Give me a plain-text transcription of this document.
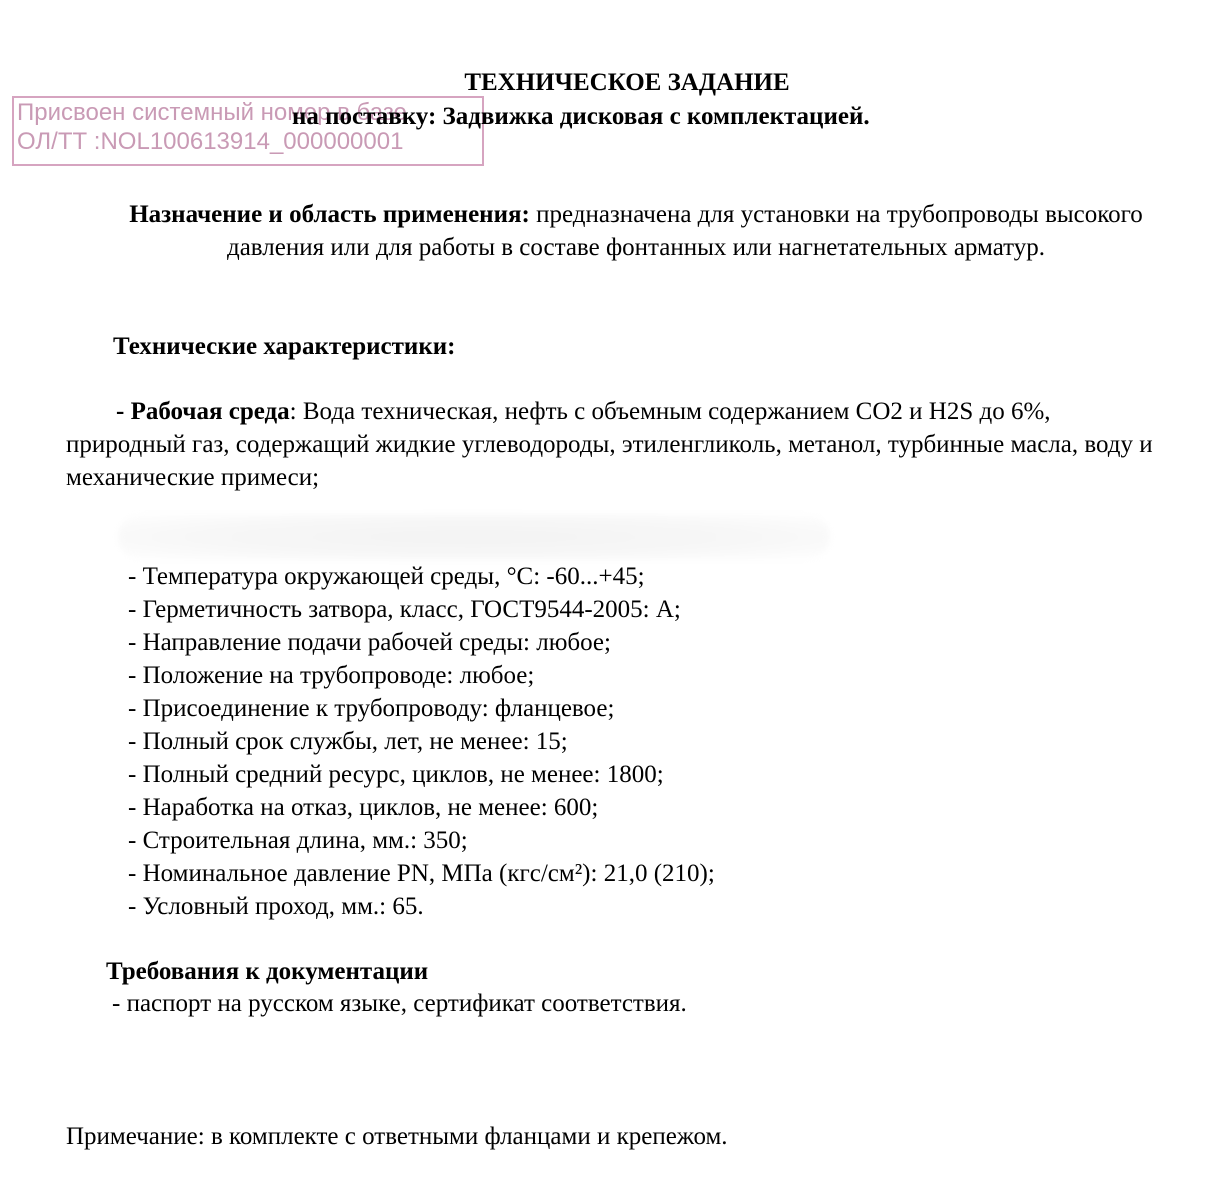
Присвоен системный номер в базе
ОЛ/ТТ :NOL100613914_000000001
ТЕХНИЧЕСКОЕ ЗАДАНИЕ
на поставку: Задвижка дисковая с комплектацией.
Назначение и область применения: предназначена для установки на трубопроводы высокого давления или для работы в составе фонтанных или нагнетательных арматур.
Технические характеристики:
- Рабочая среда: Вода техническая, нефть с объемным содержанием СО2 и Н2S до 6%, природный газ, содержащий жидкие углеводороды, этиленгликоль, метанол, турбинные масла, воду и механические примеси;
- Температура окружающей среды, °С: -60...+45;
- Герметичность затвора, класс, ГОСТ9544-2005: А;
- Направление подачи рабочей среды: любое;
- Положение на трубопроводе: любое;
- Присоединение к трубопроводу: фланцевое;
- Полный срок службы, лет, не менее: 15;
- Полный средний ресурс, циклов, не менее: 1800;
- Наработка на отказ, циклов, не менее: 600;
- Строительная длина, мм.: 350;
- Номинальное давление PN, МПа (кгс/см²): 21,0 (210);
- Условный проход, мм.: 65.
Требования к документации
- паспорт на русском языке, сертификат соответствия.
Примечание: в комплекте с ответными фланцами и крепежом.
